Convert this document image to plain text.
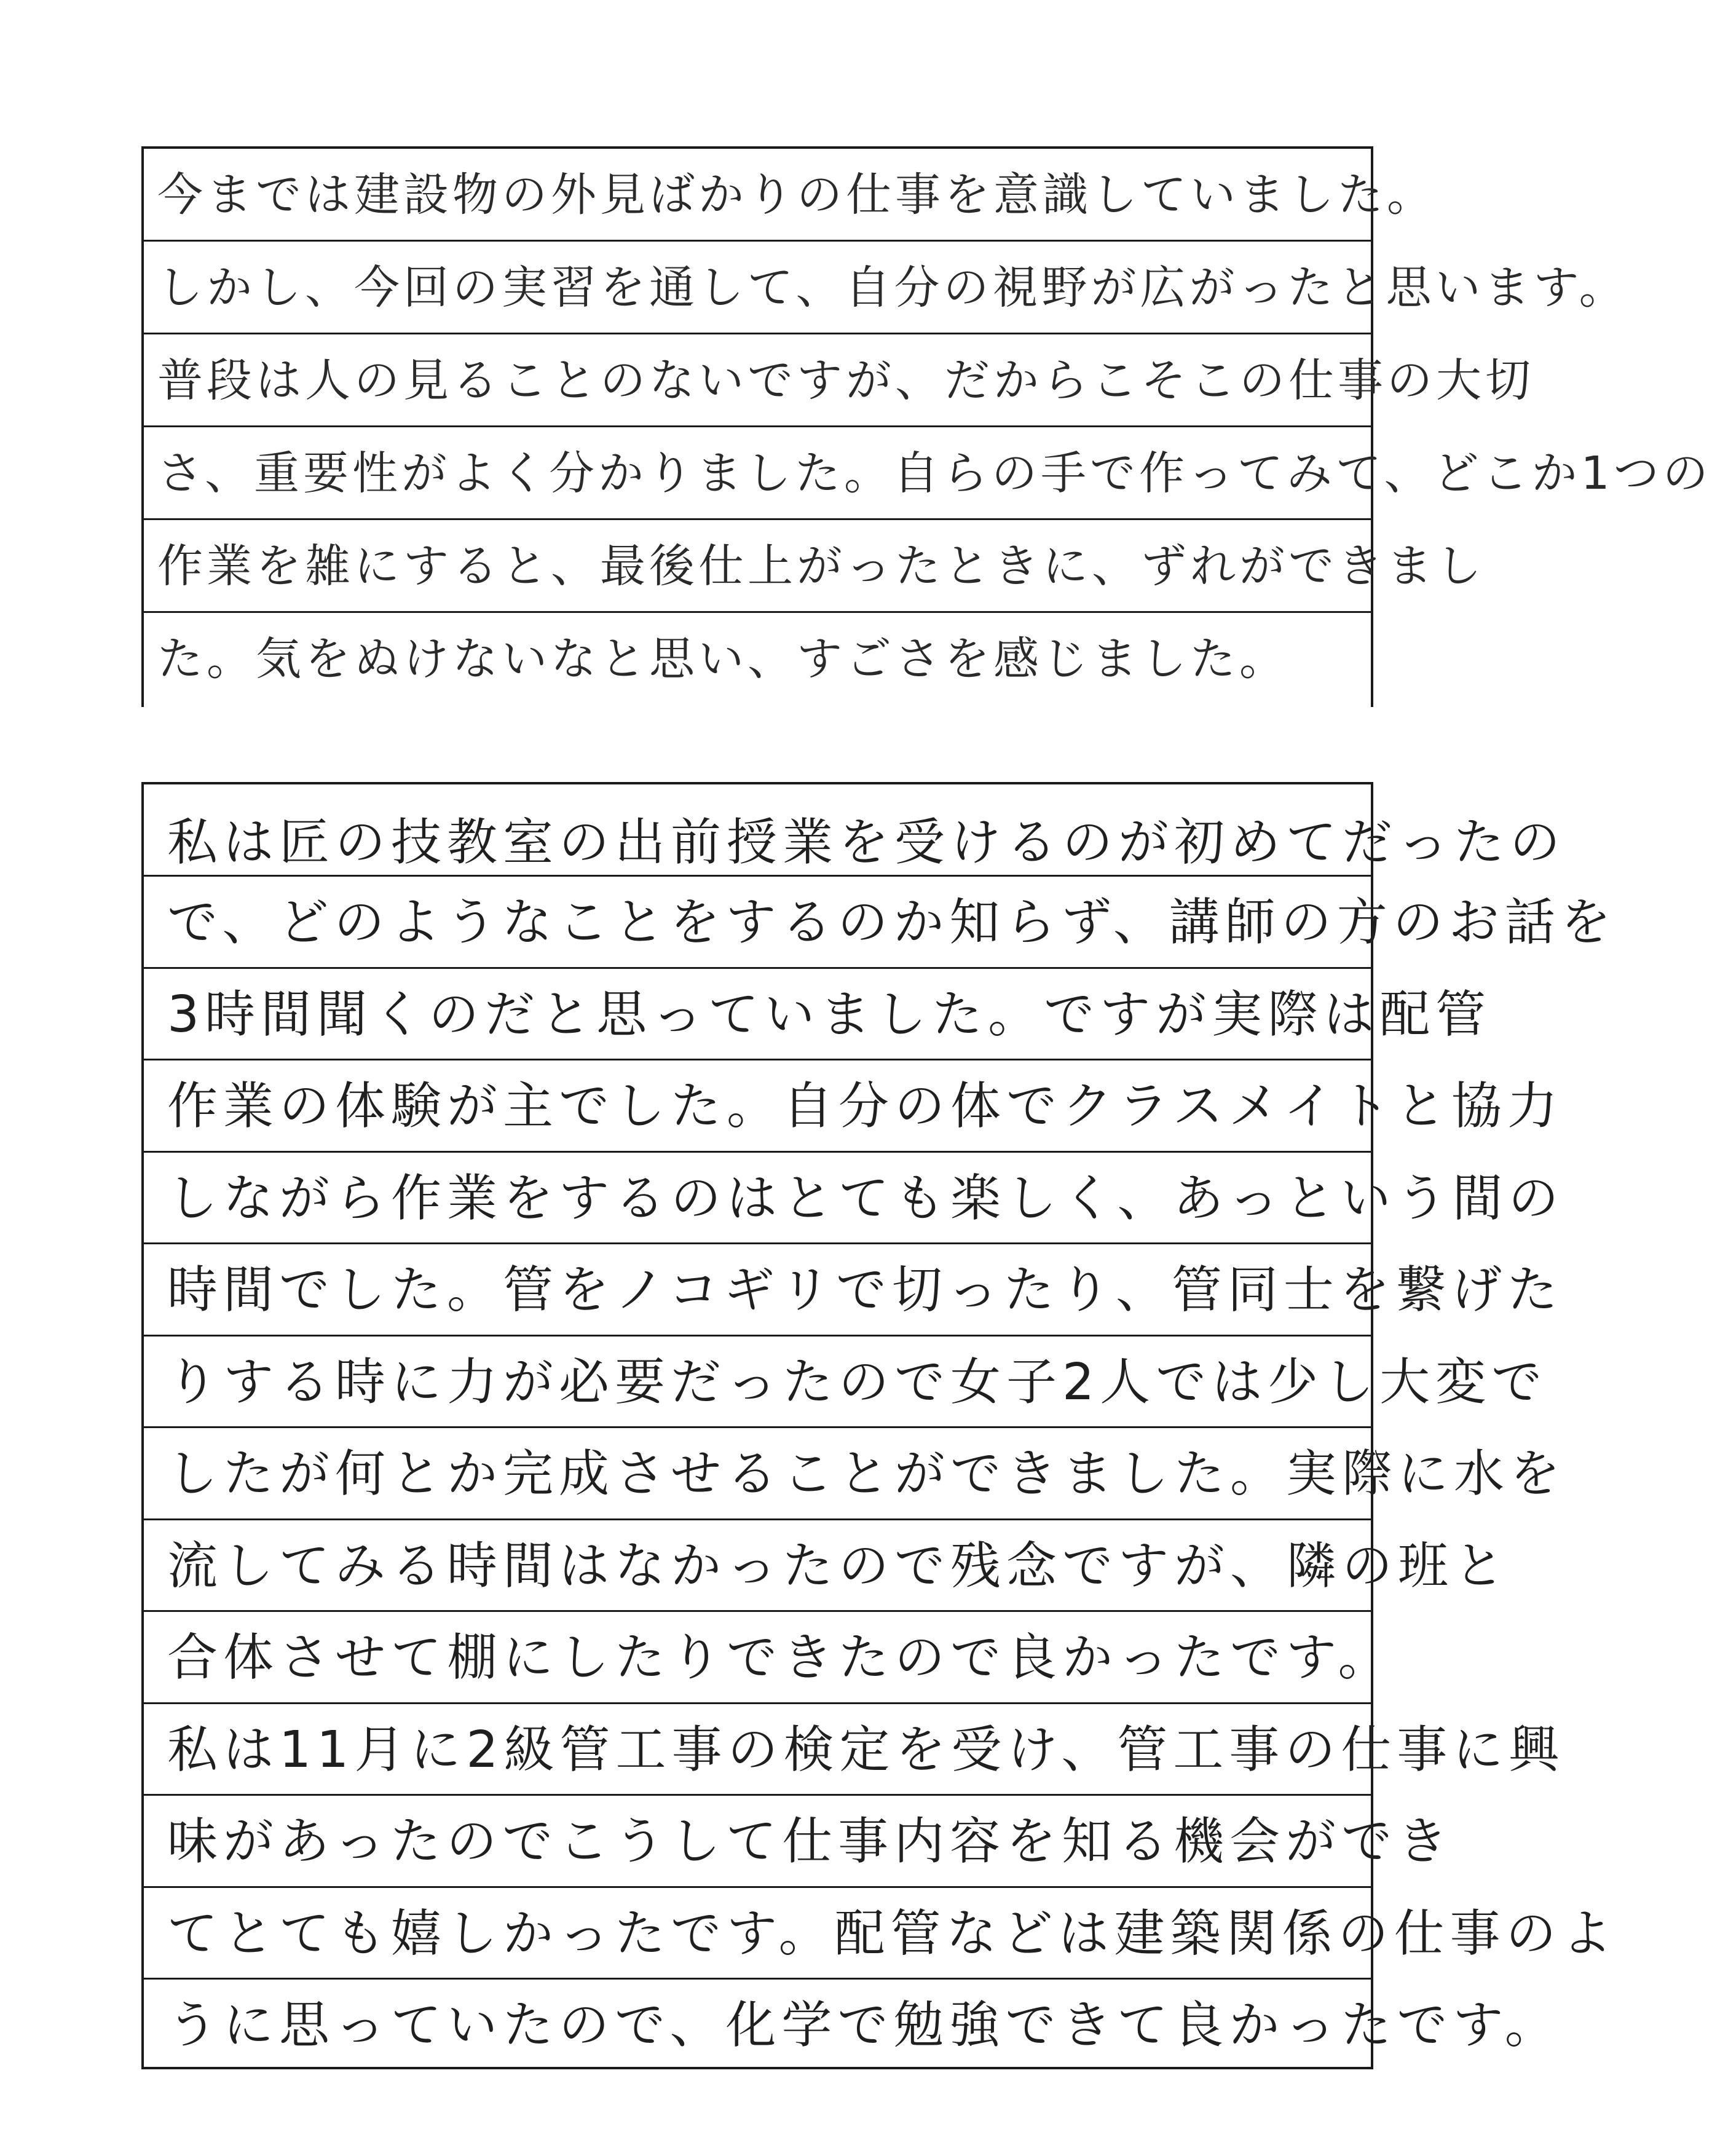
今までは建設物の外見ばかりの仕事を意識していました。
しかし、今回の実習を通して、自分の視野が広がったと思います。
普段は人の見ることのないですが、だからこそこの仕事の大切
さ、重要性がよく分かりました。自らの手で作ってみて、どこか1つの
作業を雑にすると、最後仕上がったときに、ずれができまし
た。気をぬけないなと思い、すごさを感じました。
私は匠の技教室の出前授業を受けるのが初めてだったの
で、どのようなことをするのか知らず、講師の方のお話を
3時間聞くのだと思っていました。ですが実際は配管
作業の体験が主でした。自分の体でクラスメイトと協力
しながら作業をするのはとても楽しく、あっという間の
時間でした。管をノコギリで切ったり、管同士を繋げた
りする時に力が必要だったので女子2人では少し大変で
したが何とか完成させることができました。実際に水を
流してみる時間はなかったので残念ですが、隣の班と
合体させて棚にしたりできたので良かったです。
私は11月に2級管工事の検定を受け、管工事の仕事に興
味があったのでこうして仕事内容を知る機会ができ
てとても嬉しかったです。配管などは建築関係の仕事のよ
うに思っていたので、化学で勉強できて良かったです。
